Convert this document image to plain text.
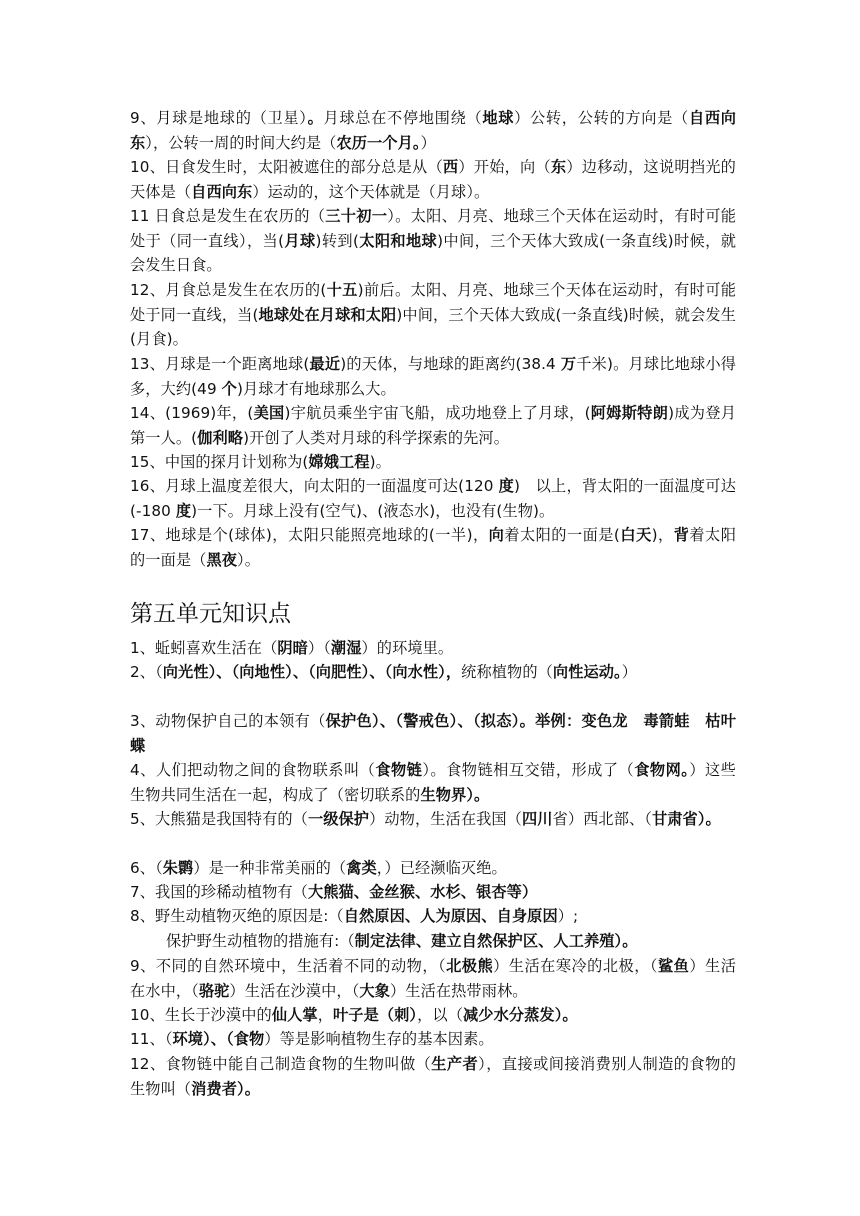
9、月球是地球的（卫星）。月球总在不停地围绕（地球）公转，公转的方向是（自西向东），公转一周的时间大约是（农历一个月。）

10、日食发生时，太阳被遮住的部分总是从（西）开始，向（东）边移动，这说明挡光的天体是（自西向东）运动的，这个天体就是（月球）。

11 日食总是发生在农历的（三十初一）。太阳、月亮、地球三个天体在运动时，有时可能处于（同一直线），当(月球)转到(太阳和地球)中间，三个天体大致成(一条直线)时候，就会发生日食。

12、月食总是发生在农历的(十五)前后。太阳、月亮、地球三个天体在运动时，有时可能处于同一直线，当(地球处在月球和太阳)中间，三个天体大致成(一条直线)时候，就会发生(月食)。

13、月球是一个距离地球(最近)的天体，与地球的距离约(38.4 万千米)。月球比地球小得多，大约(49 个)月球才有地球那么大。

14、(1969)年，(美国)宇航员乘坐宇宙飞船，成功地登上了月球，(阿姆斯特朗)成为登月第一人。(伽利略)开创了人类对月球的科学探索的先河。

15、中国的探月计划称为(嫦娥工程)。

16、月球上温度差很大，向太阳的一面温度可达(120 度)　以上，背太阳的一面温度可达(-180 度)一下。月球上没有(空气)、(液态水)，也没有(生物)。

17、地球是个(球体)，太阳只能照亮地球的(一半)，向着太阳的一面是(白天)，背着太阳的一面是（黑夜）。

第五单元知识点

1、蚯蚓喜欢生活在（阴暗）（潮湿）的环境里。

2、（向光性）、（向地性）、（向肥性）、（向水性），统称植物的（向性运动。）

3、动物保护自己的本领有（保护色）、（警戒色）、（拟态）。举例：变色龙　毒箭蛙　枯叶蝶

4、人们把动物之间的食物联系叫（食物链）。食物链相互交错，形成了（食物网。）这些生物共同生活在一起，构成了（密切联系的生物界）。

5、大熊猫是我国特有的（一级保护）动物，生活在我国（四川省）西北部、（甘肃省）。

6、（朱鹮）是一种非常美丽的（禽类，）已经濒临灭绝。

7、我国的珍稀动植物有（大熊猫、金丝猴、水杉、银杏等）

8、野生动植物灭绝的原因是:（自然原因、人为原因、自身原因）;

保护野生动植物的措施有:（制定法律、建立自然保护区、人工养殖）。

9、不同的自然环境中，生活着不同的动物，（北极熊）生活在寒冷的北极，（鲨鱼）生活在水中，（骆驼）生活在沙漠中，（大象）生活在热带雨林。

10、生长于沙漠中的仙人掌，叶子是（刺），以（减少水分蒸发）。

11、（环境）、（食物）等是影响植物生存的基本因素。

12、食物链中能自己制造食物的生物叫做（生产者），直接或间接消费别人制造的食物的生物叫（消费者）。
